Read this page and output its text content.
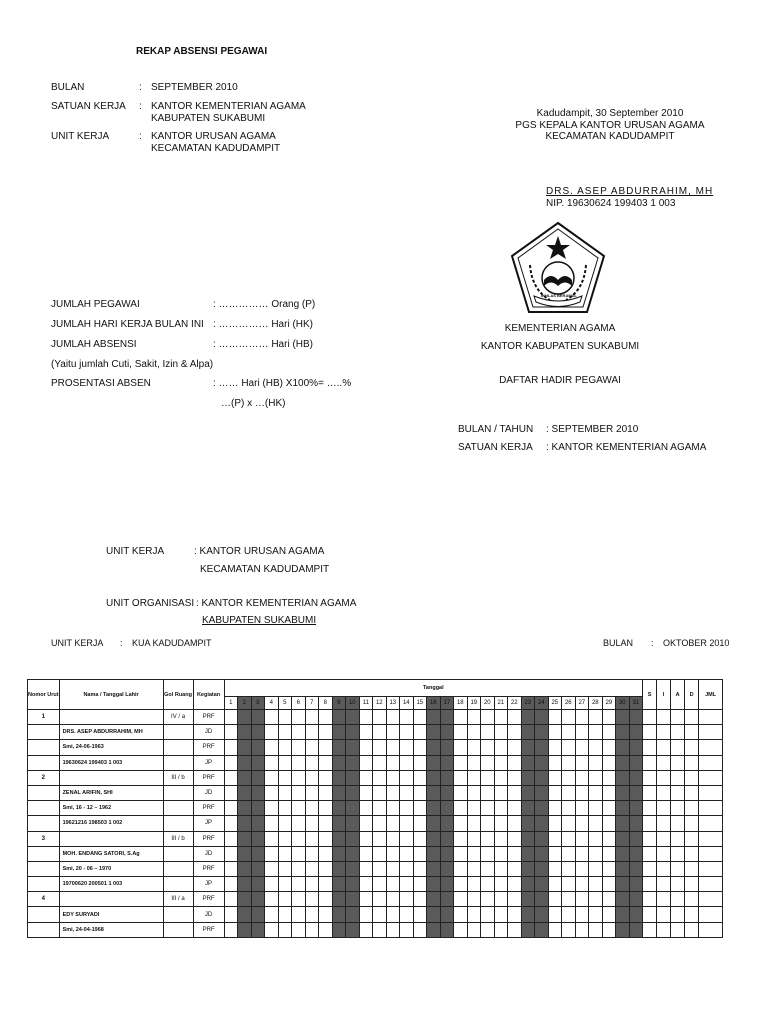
REKAP ABSENSI PEGAWAI
BULAN	: SEPTEMBER 2010
SATUAN KERJA : KANTOR KEMENTERIAN AGAMA
KABUPATEN SUKABUMI
UNIT KERJA	: KANTOR URUSAN AGAMA
KECAMATAN KADUDAMPIT
Kadudampit, 30 September 2010
PGS KEPALA KANTOR URUSAN AGAMA
KECAMATAN KADUDAMPIT
DRS. ASEP ABDURRAHIM, MH
NIP. 19630624 199403 1 003
IKHLAS BERAMAL
JUMLAH PEGAWAI	: …………… Orang (P)
JUMLAH HARI KERJA BULAN INI : …………… Hari (HK)
JUMLAH ABSENSI	: …………… Hari (HB)
(Yaitu jumlah Cuti, Sakit, Izin & Alpa)
PROSENTASI ABSEN	: …… Hari (HB) X100%= …..%
…(P) x …(HK)
KEMENTERIAN AGAMA
KANTOR KABUPATEN SUKABUMI
DAFTAR HADIR PEGAWAI
BULAN / TAHUN : SEPTEMBER 2010
SATUAN KERJA : KANTOR KEMENTERIAN AGAMA
UNIT KERJA	: KANTOR URUSAN AGAMA
KECAMATAN KADUDAMPIT
UNIT ORGANISASI : KANTOR KEMENTERIAN AGAMA
KABUPATEN SUKABUMI
UNIT KERJA : KUA KADUDAMPIT	BULAN : OKTOBER 2010
Nomor Urut	Nama / Tanggal Lahir	Gol Ruang	Kegiatan	Tanggal																															S	I	A	D	JML
				1	2	3	4	5	6	7	8	9	10	11	12	13	14	15	16	17	18	19	20	21	22	23	24	25	26	27	28	29	30	31					
1		IV / a	PRF																																				
	DRS. ASEP ABDURRAHIM, MH		JD																																				
	Smi, 24-06-1963		PRF																																				
	19630624 199403 1 003		JP																																				
2		III / b	PRF																																				
	ZENAL ARIFIN, SHI		JD																																				
	Smi, 16 - 12 – 1962		PRF																																				
	19621216 198503 1 002		JP																																				
3		III / b	PRF																																				
	MOH. ENDANG SATORI, S.Ag		JD																																				
	Smi, 20 - 06 – 1970		PRF																																				
	19700620 200501 1 003		JP																																				
4		III / a	PRF																																				
	EDY SURYADI		JD																																				
	Smi, 24-04-1968		PRF																																				
